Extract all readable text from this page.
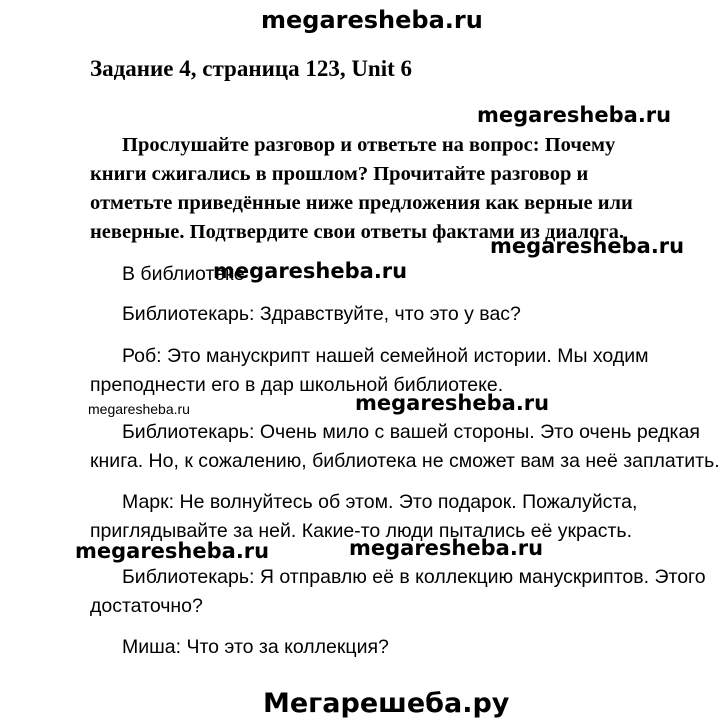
megaresheba.ru
Задание 4, страница 123, Unit 6
megaresheba.ru

Прослушайте разговор и ответьте на вопрос: Почему книги сжигались в прошлом? Прочитайте разговор и отметьте приведённые ниже предложения как верные или неверные. Подтвердите свои ответы фактами из диалога.

megaresheba.ru
В библиотеке
megaresheba.ru
Библиотекарь: Здравствуйте, что это у вас?
Роб: Это манускрипт нашей семейной истории. Мы ходим
преподнести его в дар школьной библиотеке.
megaresheba.ru	megaresheba.ru
Библиотекарь: Очень мило с вашей стороны. Это очень редкая
книга. Но, к сожалению, библиотека не сможет вам за неё заплатить.
Марк: Не волнуйтесь об этом. Это подарок. Пожалуйста,
приглядывайте за ней. Какие-то люди пытались её украсть.
megaresheba.ru	megaresheba.ru
Библиотекарь: Я отправлю её в коллекцию манускриптов. Этого
достаточно?
Миша: Что это за коллекция?
Мегарешеба.ру
